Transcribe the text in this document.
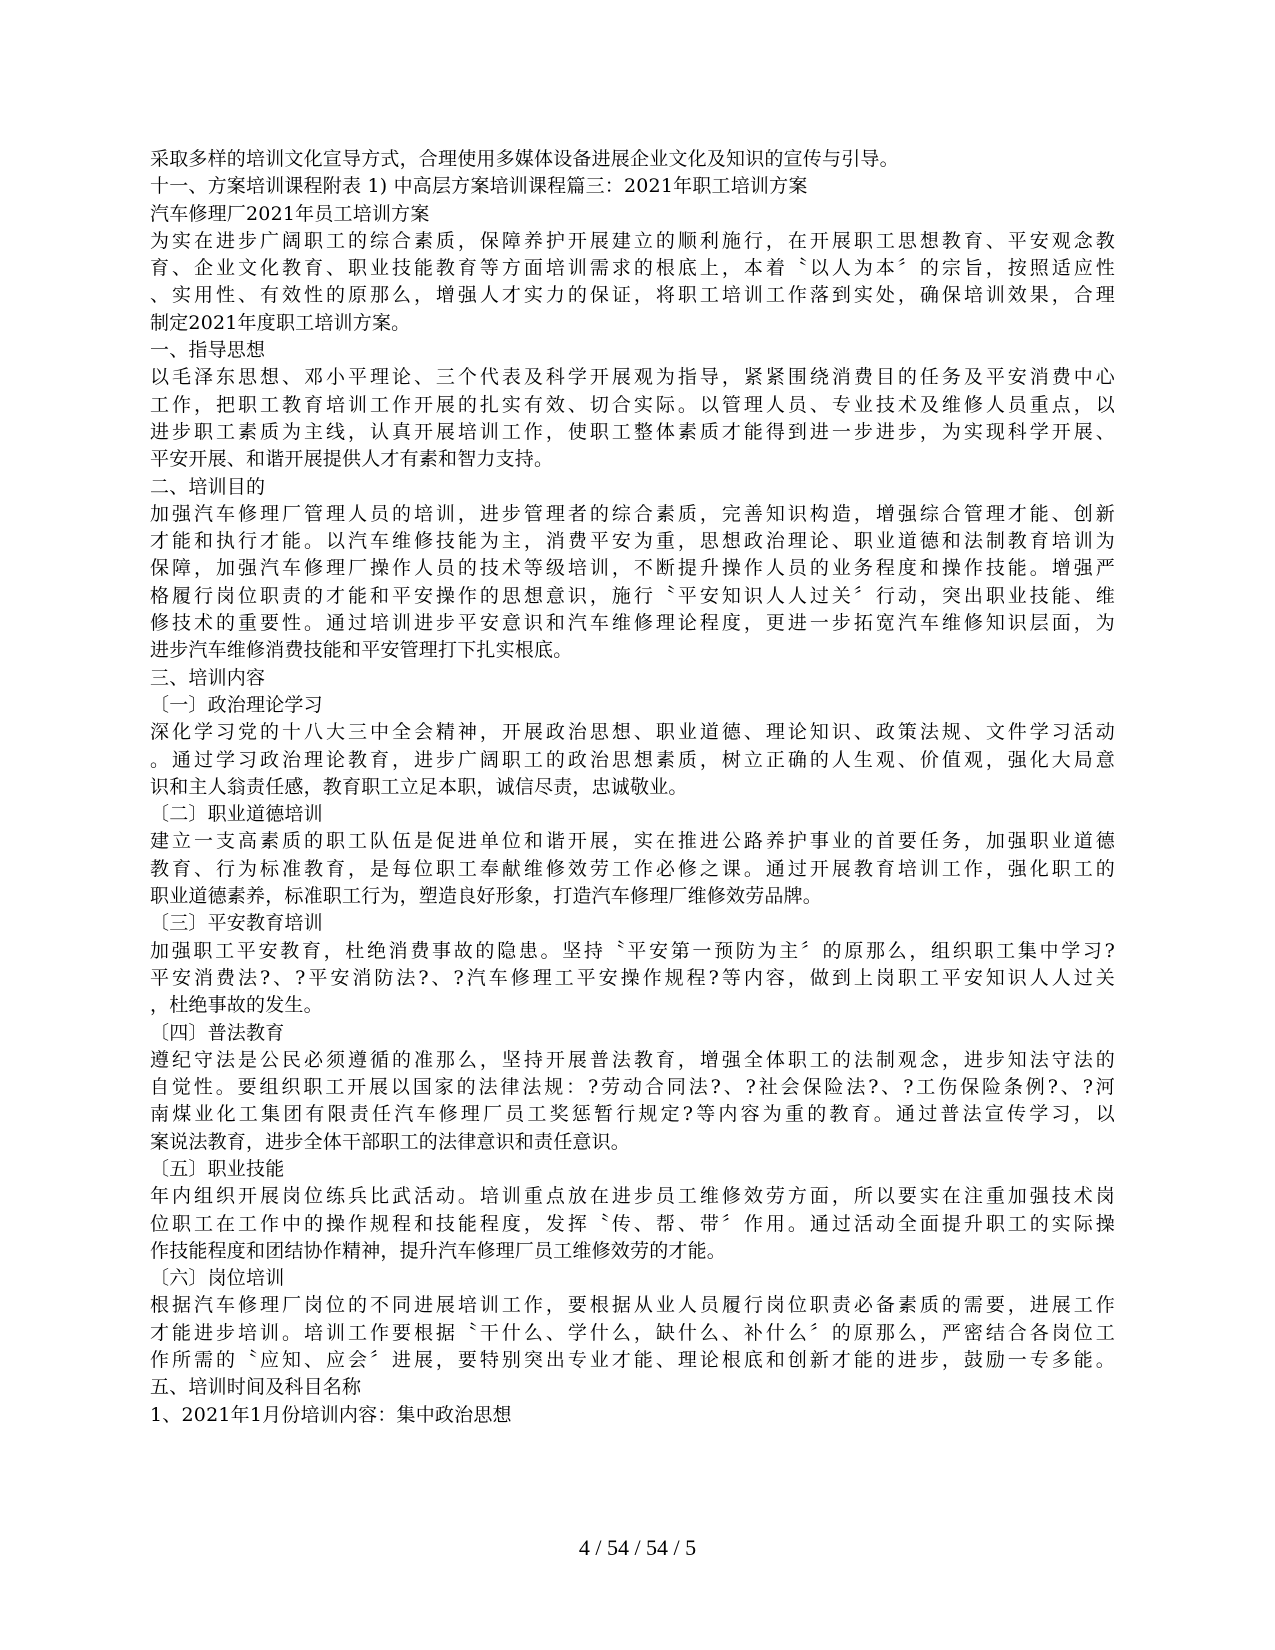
采取多样的培训文化宣导方式，合理使用多媒体设备进展企业文化及知识的宣传与引导。
十一、方案培训课程附表 1) 中高层方案培训课程篇三：2021年职工培训方案
汽车修理厂2021年员工培训方案
为实在进步广阔职工的综合素质，保障养护开展建立的顺利施行，在开展职工思想教育、平安观念教
育、企业文化教育、职业技能教育等方面培训需求的根底上，本着〝以人为本〞的宗旨，按照适应性
、实用性、有效性的原那么，增强人才实力的保证，将职工培训工作落到实处，确保培训效果，合理
制定2021年度职工培训方案。
一、指导思想
以毛泽东思想、邓小平理论、三个代表及科学开展观为指导，紧紧围绕消费目的任务及平安消费中心
工作，把职工教育培训工作开展的扎实有效、切合实际。以管理人员、专业技术及维修人员重点，以
进步职工素质为主线，认真开展培训工作，使职工整体素质才能得到进一步进步，为实现科学开展、
平安开展、和谐开展提供人才有素和智力支持。
二、培训目的
加强汽车修理厂管理人员的培训，进步管理者的综合素质，完善知识构造，增强综合管理才能、创新
才能和执行才能。以汽车维修技能为主，消费平安为重，思想政治理论、职业道德和法制教育培训为
保障，加强汽车修理厂操作人员的技术等级培训，不断提升操作人员的业务程度和操作技能。增强严
格履行岗位职责的才能和平安操作的思想意识，施行〝平安知识人人过关〞行动，突出职业技能、维
修技术的重要性。通过培训进步平安意识和汽车维修理论程度，更进一步拓宽汽车维修知识层面，为
进步汽车维修消费技能和平安管理打下扎实根底。
三、培训内容
〔一〕政治理论学习
深化学习党的十八大三中全会精神，开展政治思想、职业道德、理论知识、政策法规、文件学习活动
。通过学习政治理论教育，进步广阔职工的政治思想素质，树立正确的人生观、价值观，强化大局意
识和主人翁责任感，教育职工立足本职，诚信尽责，忠诚敬业。
〔二〕职业道德培训
建立一支高素质的职工队伍是促进单位和谐开展，实在推进公路养护事业的首要任务，加强职业道德
教育、行为标准教育，是每位职工奉献维修效劳工作必修之课。通过开展教育培训工作，强化职工的
职业道德素养，标准职工行为，塑造良好形象，打造汽车修理厂维修效劳品牌。
〔三〕平安教育培训
加强职工平安教育，杜绝消费事故的隐患。坚持〝平安第一预防为主〞的原那么，组织职工集中学习?
平安消费法?、?平安消防法?、?汽车修理工平安操作规程?等内容，做到上岗职工平安知识人人过关
，杜绝事故的发生。
〔四〕普法教育
遵纪守法是公民必须遵循的准那么，坚持开展普法教育，增强全体职工的法制观念，进步知法守法的
自觉性。要组织职工开展以国家的法律法规：?劳动合同法?、?社会保险法?、?工伤保险条例?、?河
南煤业化工集团有限责任汽车修理厂员工奖惩暂行规定?等内容为重的教育。通过普法宣传学习，以
案说法教育，进步全体干部职工的法律意识和责任意识。
〔五〕职业技能
年内组织开展岗位练兵比武活动。培训重点放在进步员工维修效劳方面，所以要实在注重加强技术岗
位职工在工作中的操作规程和技能程度，发挥〝传、帮、带〞作用。通过活动全面提升职工的实际操
作技能程度和团结协作精神，提升汽车修理厂员工维修效劳的才能。
〔六〕岗位培训
根据汽车修理厂岗位的不同进展培训工作，要根据从业人员履行岗位职责必备素质的需要，进展工作
才能进步培训。培训工作要根据〝干什么、学什么，缺什么、补什么〞的原那么，严密结合各岗位工
作所需的〝应知、应会〞进展，要特别突出专业才能、理论根底和创新才能的进步，鼓励一专多能。
五、培训时间及科目名称
1、2021年1月份培训内容：集中政治思想
4 / 54 / 54 / 5
